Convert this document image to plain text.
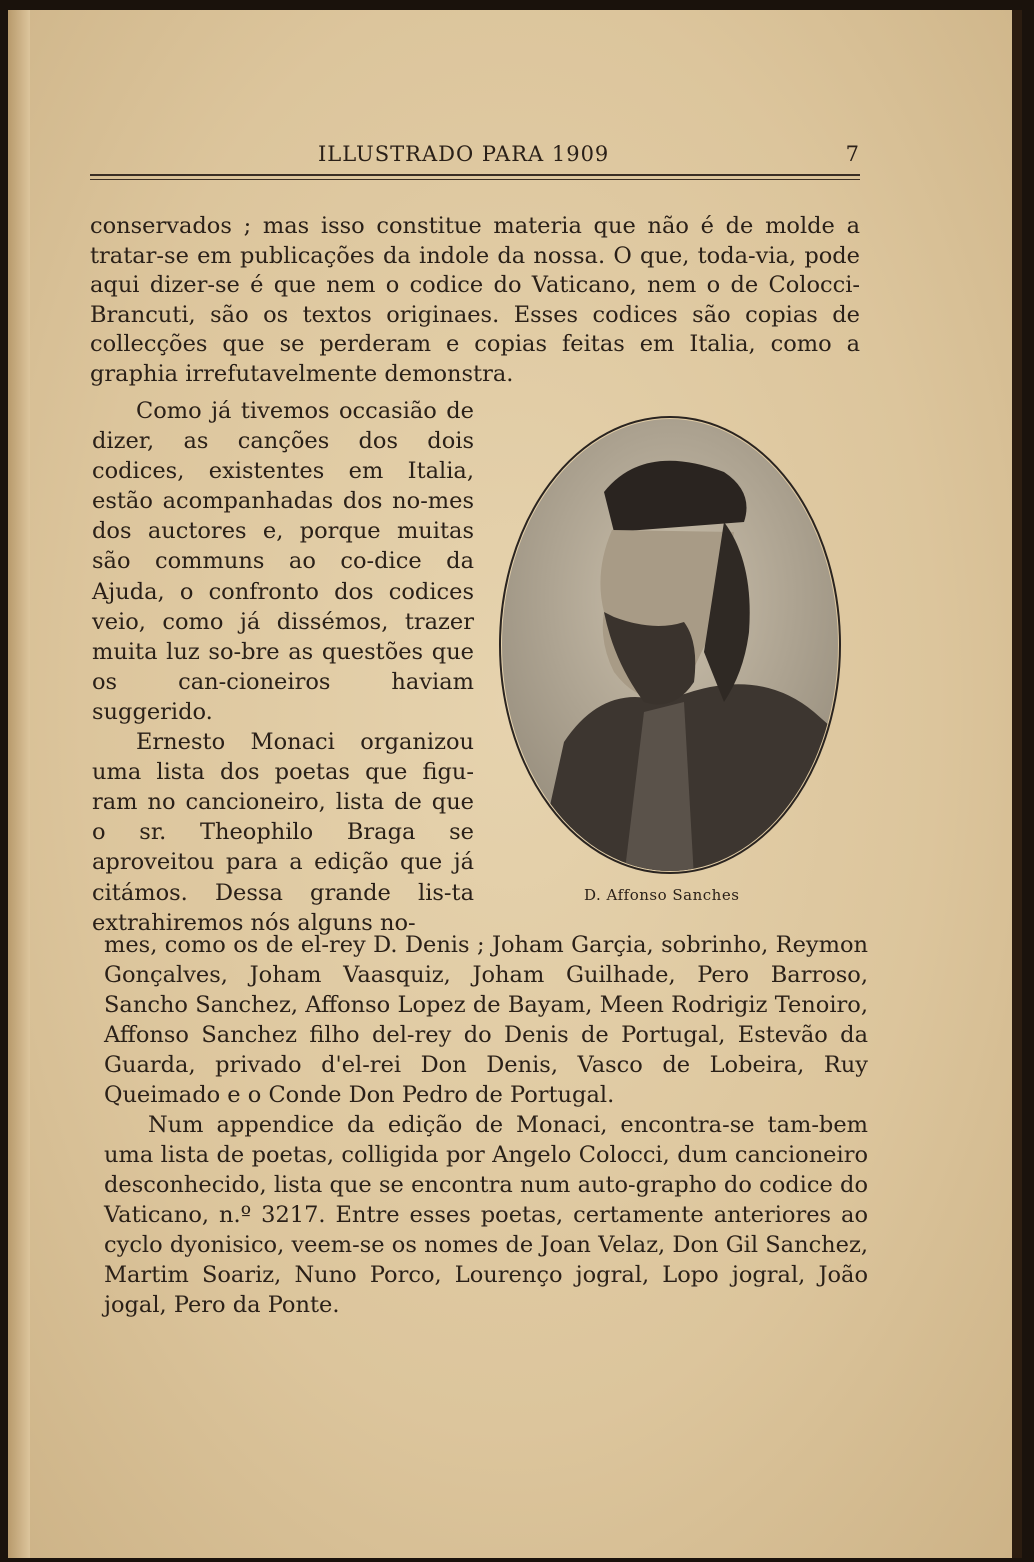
ILLUSTRADO PARA 1909	7
conservados ; mas isso constitue materia que não é de molde a tratar-se em publicações da indole da nossa. O que, toda-via, pode aqui dizer-se é que nem o codice do Vaticano, nem o de Colocci-Brancuti, são os textos originaes. Esses codices são copias de collecções que se perderam e copias feitas em Italia, como a graphia irrefutavelmente demonstra.
Como já tivemos occasião de dizer, as canções dos dois codices, existentes em Italia, estão acompanhadas dos no-mes dos auctores e, porque muitas são communs ao co-dice da Ajuda, o confronto dos codices veio, como já dissémos, trazer muita luz so-bre as questões que os can-cioneiros haviam suggerido.
Ernesto Monaci organizou uma lista dos poetas que figu-ram no cancioneiro, lista de que o sr. Theophilo Braga se aproveitou para a edição que já citámos. Dessa grande lis-ta extrahiremos nós alguns no-
D. Affonso Sanches
mes, como os de el-rey D. Denis ; Joham Garçia, sobrinho, Reymon Gonçalves, Joham Vaasquiz, Joham Guilhade, Pero Barroso, Sancho Sanchez, Affonso Lopez de Bayam, Meen Rodrigiz Tenoiro, Affonso Sanchez filho del-rey do Denis de Portugal, Estevão da Guarda, privado d'el-rei Don Denis, Vasco de Lobeira, Ruy Queimado e o Conde Don Pedro de Portugal.
Num appendice da edição de Monaci, encontra-se tam-bem uma lista de poetas, colligida por Angelo Colocci, dum cancioneiro desconhecido, lista que se encontra num auto-grapho do codice do Vaticano, n.º 3217. Entre esses poetas, certamente anteriores ao cyclo dyonisico, veem-se os nomes de Joan Velaz, Don Gil Sanchez, Martim Soariz, Nuno Porco, Lourenço jogral, Lopo jogral, João jogal, Pero da Ponte.
